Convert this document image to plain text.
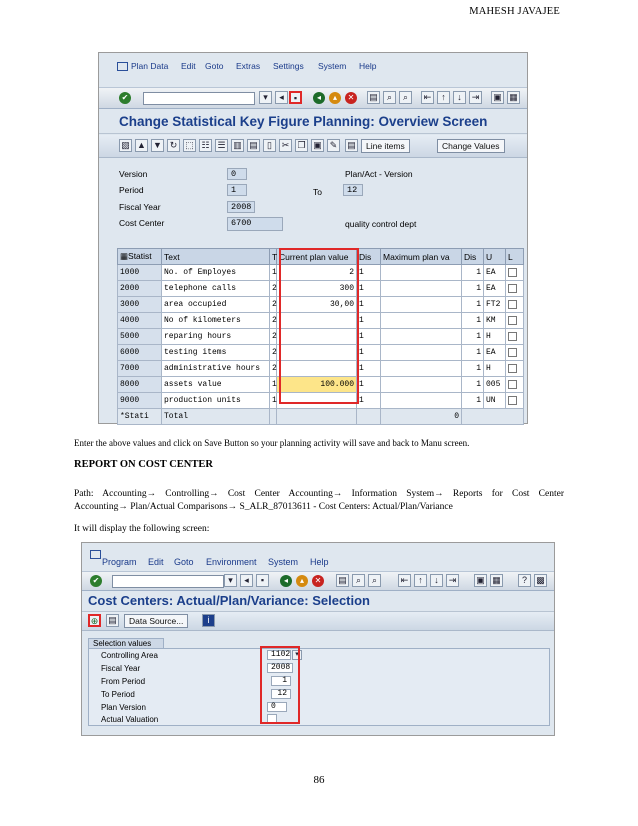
MAHESH JAVAJEE
Plan Data Edit Goto Extras Settings System Help
✔	▾	◂	▪	◂	▴	✕ ▤	⌕	⌕	⇤	↑	↓	⇥	▣ ▦
Change Statistical Key Figure Planning: Overview Screen
▧ ▲ ▼ ↻ ⬚ ☷ ☰ ▥ ▤	▯	✂ ❐ ▣ ✎	▤	Line items	Change Values
Version	0	Plan/Act - Version
Period	1	To	12
Fiscal Year	2008
Cost Center	6700	quality control dept
▦Statist	Text	T	Current plan value	Dis	Maximum plan va	Dis	U	L
1000	No. of Employes	1	2	1		1	EA	
2000	telephone calls	2	300	1		1	EA	
3000	area occupied	2	30,00	1		1	FT2	
4000	No of kilometers	2		1		1	KM	
5000	reparing hours	2		1		1	H	
6000	testing items	2		1		1	EA	
7000	administrative hours	2		1		1	H	
8000	assets value	1	100.000	1		1	005	
9000	production units	1		1		1	UN	
*Stati	Total				0			
Enter the above values and click on Save Button so your planning activity will save and back to Manu screen.
REPORT ON COST CENTER
Path: Accounting→ Controlling→ Cost Center Accounting→ Information System→ Reports for Cost Center
Accounting→ Plan/Actual Comparisons→ S_ALR_87013611 - Cost Centers: Actual/Plan/Variance
It will display the following screen:
Program Edit Goto Environment System Help
✔	▾	◂	▪	◂	▴	✕ ▤	⌕	⌕	⇤	↑	↓	⇥	▣ ▦	?	▩
Cost Centers: Actual/Plan/Variance: Selection
⊕	▤	Data Source...	i
Selection values
Controlling Area	1102 ▾
Fiscal Year	2008
From Period	1
To Period	12
Plan Version	0
Actual Valuation
86
